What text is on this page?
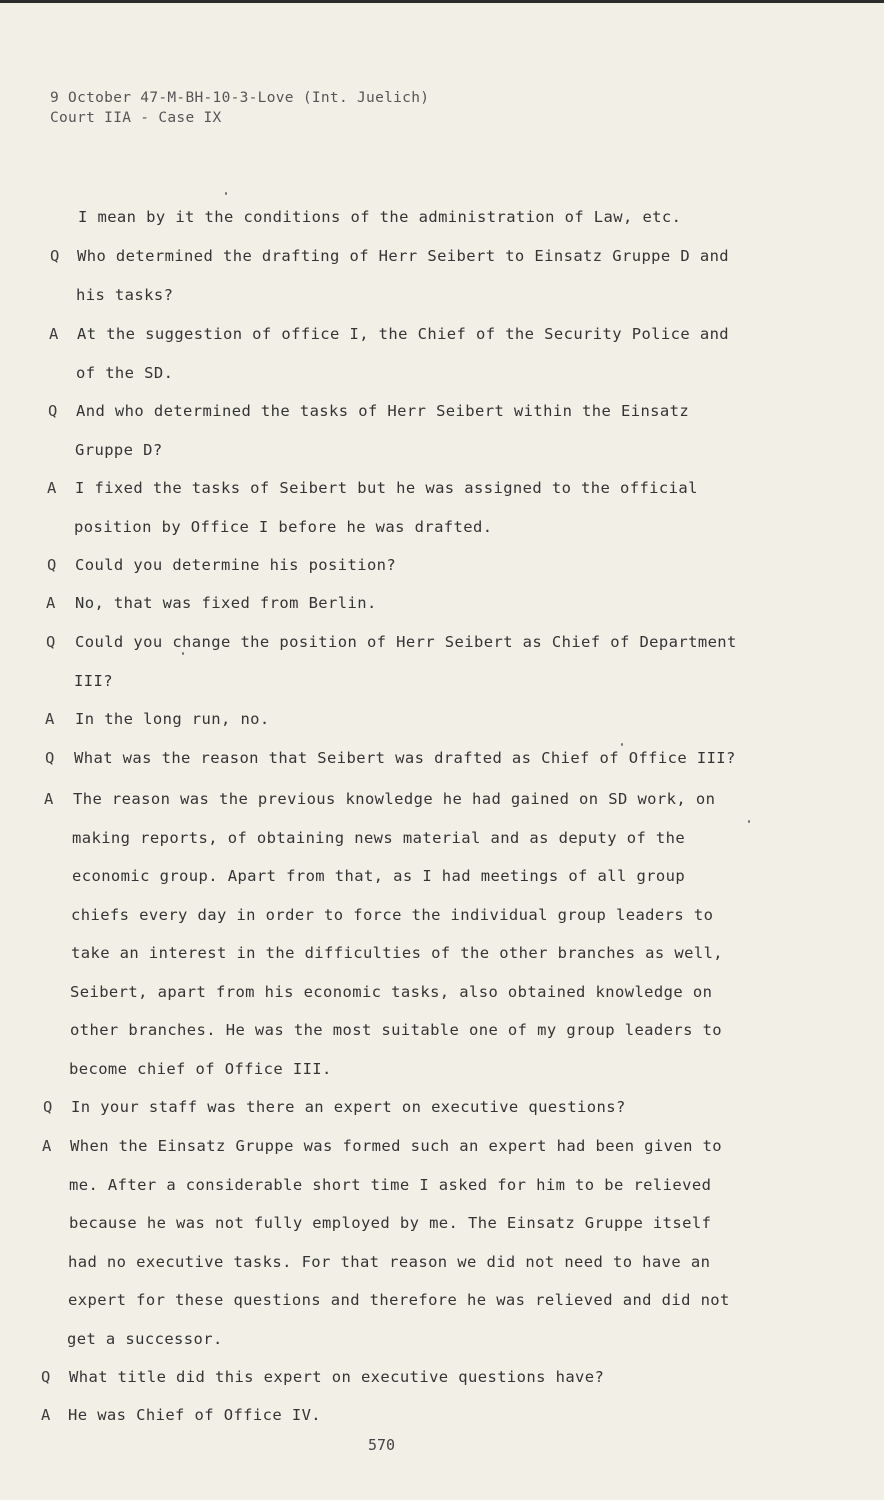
9 October 47-M-BH-10-3-Love (Int. Juelich)
Court IIA - Case IX
I mean by it the conditions of the administration of Law, etc.
Q Who determined the drafting of Herr Seibert to Einsatz Gruppe D and
his tasks?
A At the suggestion of office I, the Chief of the Security Police and
of the SD.
Q And who determined the tasks of Herr Seibert within the Einsatz
Gruppe D?
A I fixed the tasks of Seibert but he was assigned to the official
position by Office I before he was drafted.
Q Could you determine his position?
A No, that was fixed from Berlin.
Q Could you change the position of Herr Seibert as Chief of Department
III?
A In the long run, no.
Q What was the reason that Seibert was drafted as Chief of Office III?
A The reason was the previous knowledge he had gained on SD work, on
making reports, of obtaining news material and as deputy of the
economic group. Apart from that, as I had meetings of all group
chiefs every day in order to force the individual group leaders to
take an interest in the difficulties of the other branches as well,
Seibert, apart from his economic tasks, also obtained knowledge on
other branches. He was the most suitable one of my group leaders to
become chief of Office III.
Q In your staff was there an expert on executive questions?
A When the Einsatz Gruppe was formed such an expert had been given to
me. After a considerable short time I asked for him to be relieved
because he was not fully employed by me. The Einsatz Gruppe itself
had no executive tasks. For that reason we did not need to have an
expert for these questions and therefore he was relieved and did not
get a successor.
Q What title did this expert on executive questions have?
A He was Chief of Office IV.
570
